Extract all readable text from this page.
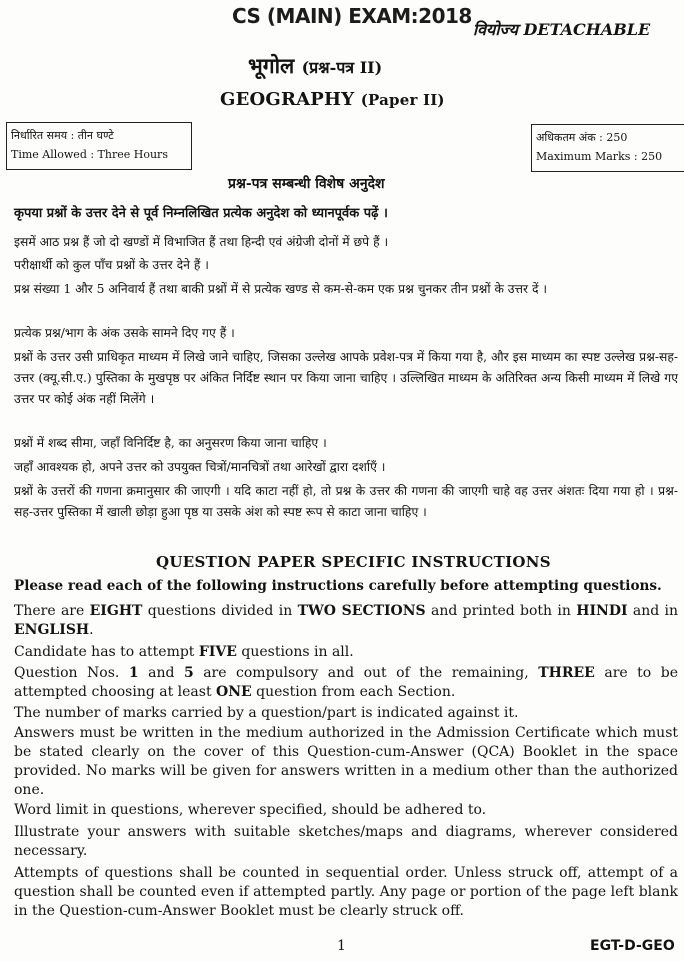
CS (MAIN) EXAM:2018
वियोज्य DETACHABLE
भूगोल (प्रश्न-पत्र II)
GEOGRAPHY (Paper II)
निर्धारित समय : तीन घण्टे
Time Allowed : Three Hours
अधिकतम अंक : 250
Maximum Marks : 250
प्रश्न-पत्र सम्बन्धी विशेष अनुदेश
कृपया प्रश्नों के उत्तर देने से पूर्व निम्नलिखित प्रत्येक अनुदेश को ध्यानपूर्वक पढ़ें ।
इसमें आठ प्रश्न हैं जो दो खण्डों में विभाजित हैं तथा हिन्दी एवं अंग्रेजी दोनों में छपे हैं ।
परीक्षार्थी को कुल पाँच प्रश्नों के उत्तर देने हैं ।
प्रश्न संख्या 1 और 5 अनिवार्य हैं तथा बाकी प्रश्नों में से प्रत्येक खण्ड से कम-से-कम एक प्रश्न चुनकर तीन प्रश्नों के उत्तर दें ।
प्रत्येक प्रश्न/भाग के अंक उसके सामने दिए गए हैं ।
प्रश्नों के उत्तर उसी प्राधिकृत माध्यम में लिखे जाने चाहिए, जिसका उल्लेख आपके प्रवेश-पत्र में किया गया है, और इस माध्यम का स्पष्ट उल्लेख प्रश्न-सह-उत्तर (क्यू.सी.ए.) पुस्तिका के मुखपृष्ठ पर अंकित निर्दिष्ट स्थान पर किया जाना चाहिए । उल्लिखित माध्यम के अतिरिक्त अन्य किसी माध्यम में लिखे गए उत्तर पर कोई अंक नहीं मिलेंगे ।
प्रश्नों में शब्द सीमा, जहाँ विनिर्दिष्ट है, का अनुसरण किया जाना चाहिए ।
जहाँ आवश्यक हो, अपने उत्तर को उपयुक्त चित्रों/मानचित्रों तथा आरेखों द्वारा दर्शाएँ ।
प्रश्नों के उत्तरों की गणना क्रमानुसार की जाएगी । यदि काटा नहीं हो, तो प्रश्न के उत्तर की गणना की जाएगी चाहे वह उत्तर अंशतः दिया गया हो । प्रश्न-सह-उत्तर पुस्तिका में खाली छोड़ा हुआ पृष्ठ या उसके अंश को स्पष्ट रूप से काटा जाना चाहिए ।
QUESTION PAPER SPECIFIC INSTRUCTIONS
Please read each of the following instructions carefully before attempting questions.
There are EIGHT questions divided in TWO SECTIONS and printed both in HINDI and in ENGLISH.
Candidate has to attempt FIVE questions in all.
Question Nos. 1 and 5 are compulsory and out of the remaining, THREE are to be attempted choosing at least ONE question from each Section.
The number of marks carried by a question/part is indicated against it.
Answers must be written in the medium authorized in the Admission Certificate which must be stated clearly on the cover of this Question-cum-Answer (QCA) Booklet in the space provided. No marks will be given for answers written in a medium other than the authorized one.
Word limit in questions, wherever specified, should be adhered to.
Illustrate your answers with suitable sketches/maps and diagrams, wherever considered necessary.
Attempts of questions shall be counted in sequential order. Unless struck off, attempt of a question shall be counted even if attempted partly. Any page or portion of the page left blank in the Question-cum-Answer Booklet must be clearly struck off.
1	EGT-D-GEO
